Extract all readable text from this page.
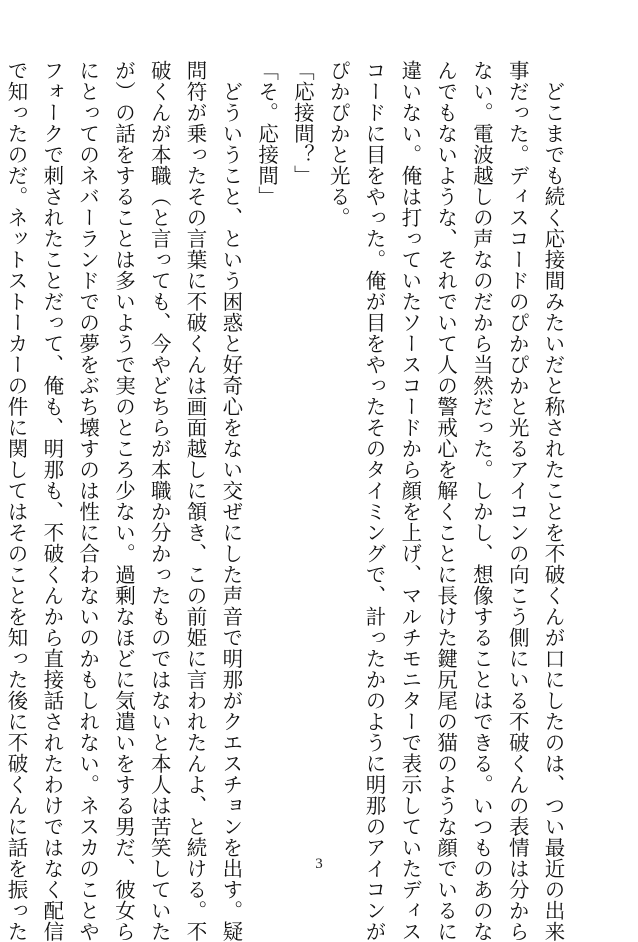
　どこまでも続く応接間みたいだと称されたことを不破くんが口にしたのは、つい最近の出来
事だった。ディスコードのぴかぴかと光るアイコンの向こう側にいる不破くんの表情は分から
ない。電波越しの声なのだから当然だった。しかし、想像することはできる。いつものあのな
んでもないような、それでいて人の警戒心を解くことに長けた鍵尻尾の猫のような顔でいるに
違いない。俺は打っていたソースコードから顔を上げ、マルチモニターで表示していたディス
コードに目をやった。俺が目をやったそのタイミングで、計ったかのように明那のアイコンが
ぴかぴかと光る。
「応接間？」
「そ。応接間」
　どういうこと、という困惑と好奇心をない交ぜにした声音で明那がクエスチョンを出す。疑
問符が乗ったその言葉に不破くんは画面越しに頷き、この前姫に言われたんよ、と続ける。不
破くんが本職（と言っても、今やどちらが本職か分かったものではないと本人は苦笑していた
が）の話をすることは多いようで実のところ少ない。過剰なほどに気遣いをする男だ、彼女ら
にとってのネバーランドでの夢をぶち壊すのは性に合わないのかもしれない。ネスカのことや
フォークで刺されたことだって、俺も、明那も、不破くんから直接話されたわけではなく配信
で知ったのだ。ネットストーカーの件に関してはそのことを知った後に不破くんに話を振った	3
